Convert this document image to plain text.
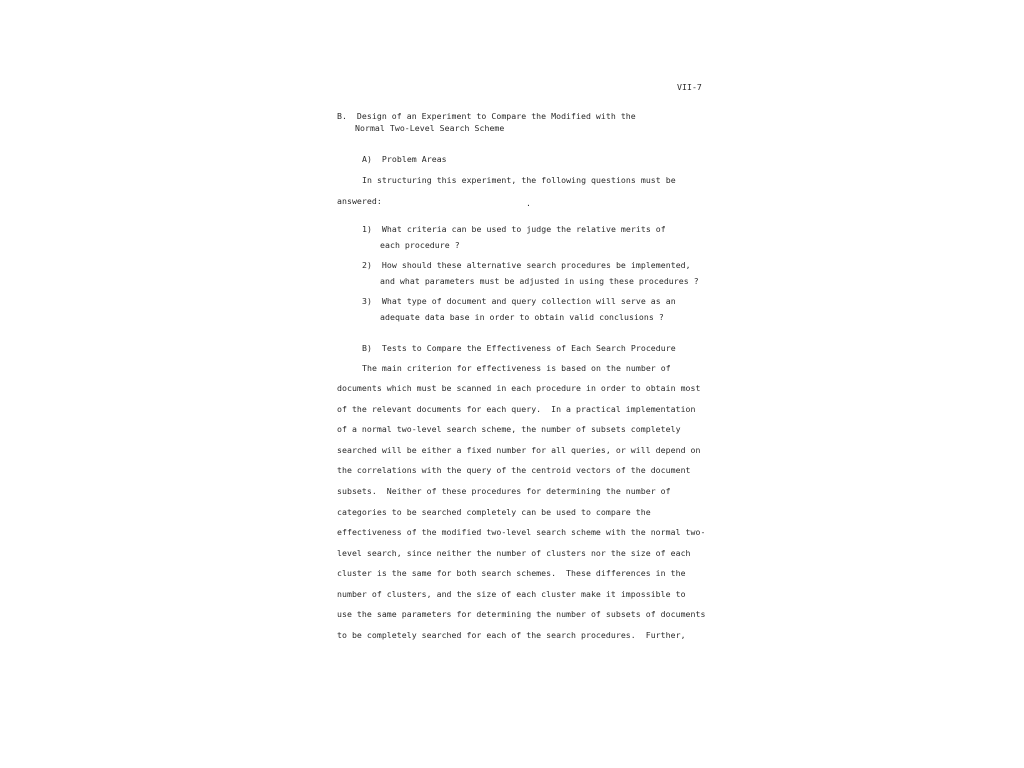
VII-7
B.  Design of an Experiment to Compare the Modified with the
Normal Two-Level Search Scheme
A)  Problem Areas
In structuring this experiment, the following questions must be
answered:	.
1)  What criteria can be used to judge the relative merits of
each procedure ?
2)  How should these alternative search procedures be implemented,
and what parameters must be adjusted in using these procedures ?
3)  What type of document and query collection will serve as an
adequate data base in order to obtain valid conclusions ?
B)  Tests to Compare the Effectiveness of Each Search Procedure
The main criterion for effectiveness is based on the number of
documents which must be scanned in each procedure in order to obtain most
of the relevant documents for each query.  In a practical implementation
of a normal two-level search scheme, the number of subsets completely
searched will be either a fixed number for all queries, or will depend on
the correlations with the query of the centroid vectors of the document
subsets.  Neither of these procedures for determining the number of
categories to be searched completely can be used to compare the
effectiveness of the modified two-level search scheme with the normal two-
level search, since neither the number of clusters nor the size of each
cluster is the same for both search schemes.  These differences in the
number of clusters, and the size of each cluster make it impossible to
use the same parameters for determining the number of subsets of documents
to be completely searched for each of the search procedures.  Further,
